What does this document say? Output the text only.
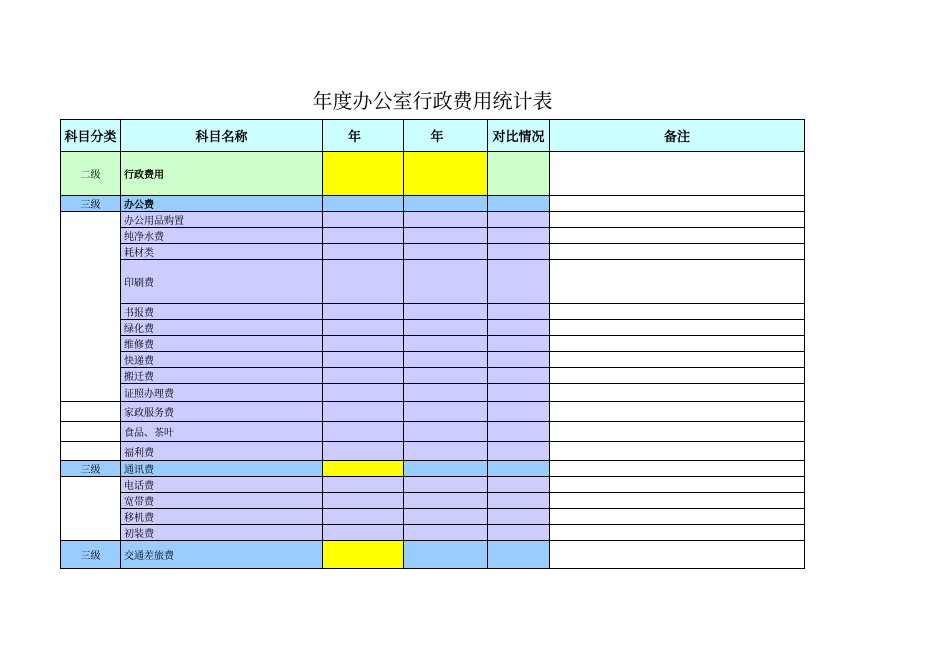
年度办公室行政费用统计表
科目分类	科目名称	年	年	对比情况	备注
二级	行政费用				
三级	办公费				
	办公用品购置				
	纯净水费				
	耗材类				
	印刷费				
	书报费				
	绿化费				
	维修费				
	快递费				
	搬迁费				
	证照办理费				
	家政服务费				
	食品、茶叶				
	福利费				
三级	通讯费				
	电话费				
	宽带费				
	移机费				
	初装费				
三级	交通差旅费				
